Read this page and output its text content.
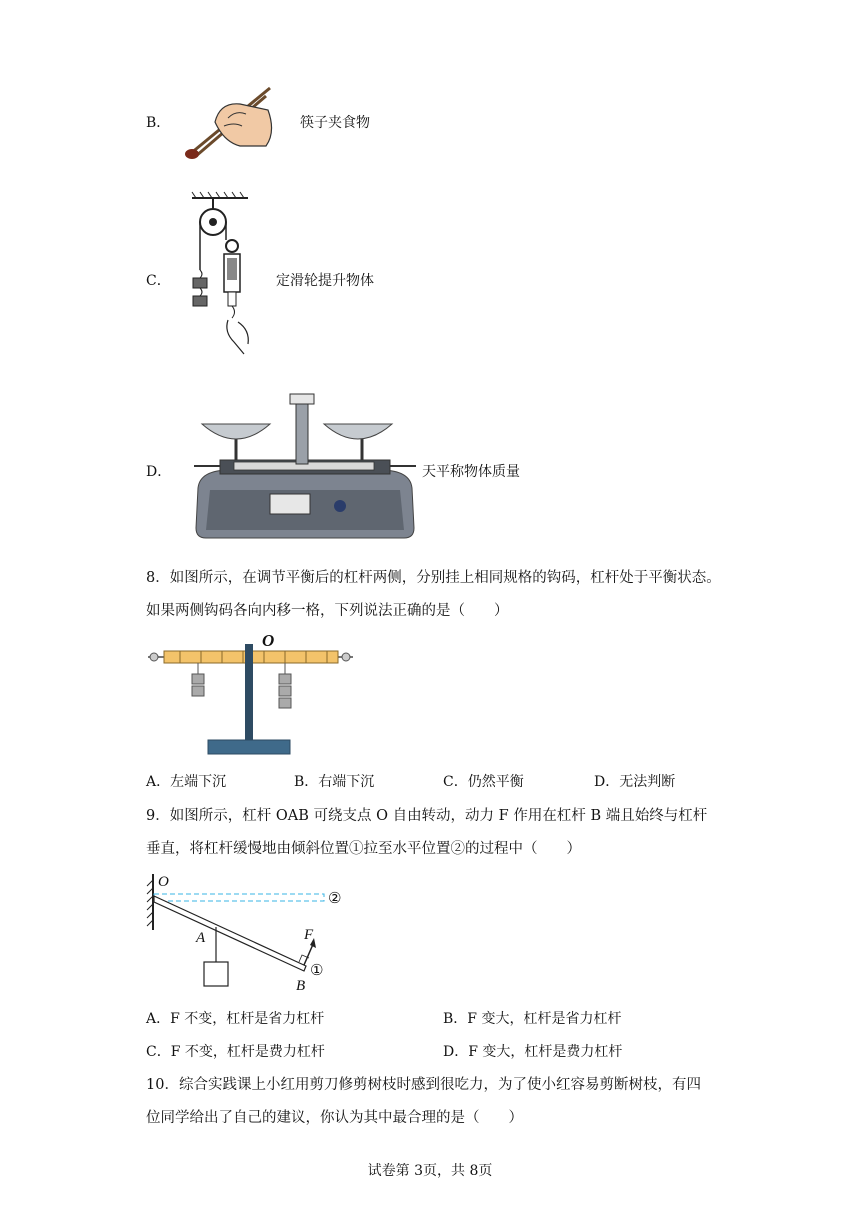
B．	筷子夹食物
C．	定滑轮提升物体
D．	天平称物体质量
8．如图所示，在调节平衡后的杠杆两侧，分别挂上相同规格的钩码，杠杆处于平衡状态。如果两侧钩码各向内移一格，下列说法正确的是（　　）
O
A．左端下沉	B．右端下沉	C．仍然平衡	D．无法判断
9．如图所示，杠杆 OAB 可绕支点 O 自由转动，动力 F 作用在杠杆 B 端且始终与杠杆
垂直，将杠杆缓慢地由倾斜位置①拉至水平位置②的过程中（　　）
O
②
A	F
①
B
A．F 不变，杠杆是省力杠杆	B．F 变大，杠杆是省力杠杆
C．F 不变，杠杆是费力杠杆	D．F 变大，杠杆是费力杠杆
10．综合实践课上小红用剪刀修剪树枝时感到很吃力，为了使小红容易剪断树枝，有四
位同学给出了自己的建议，你认为其中最合理的是（　　）
试卷第 3页，共 8页
